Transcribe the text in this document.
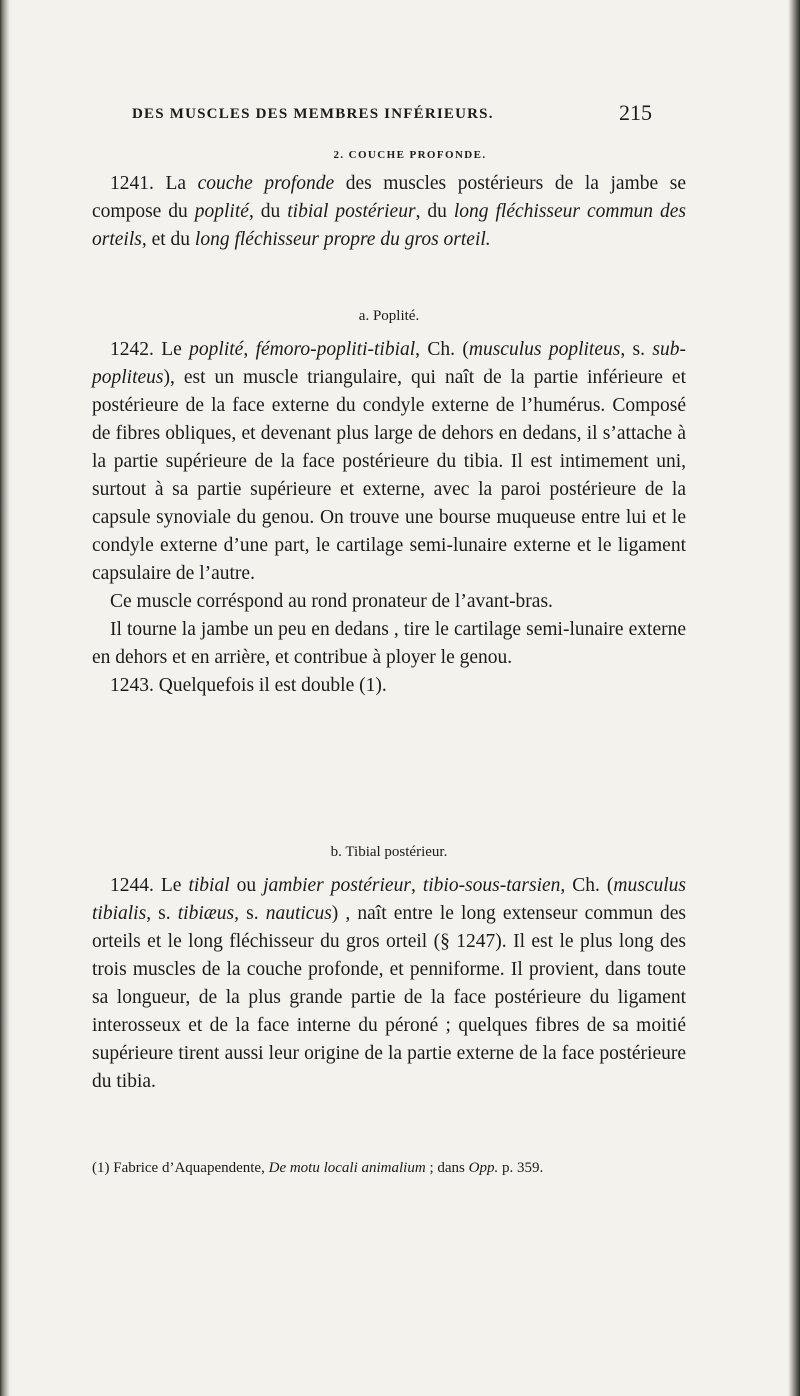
DES MUSCLES DES MEMBRES INFÉRIEURS.	215
2. COUCHE PROFONDE.

1241. La couche profonde des muscles postérieurs de la jambe se compose du poplité, du tibial postérieur, du long fléchisseur commun des orteils, et du long fléchisseur propre du gros orteil.

a. Poplité.

1242. Le poplité, fémoro-popliti-tibial, Ch. (musculus popliteus, s. sub-popliteus), est un muscle triangulaire, qui naît de la partie inférieure et postérieure de la face externe du condyle externe de l’humérus. Composé de fibres obliques, et devenant plus large de dehors en dedans, il s’attache à la partie supérieure de la face postérieure du tibia. Il est intimement uni, surtout à sa partie supérieure et externe, avec la paroi postérieure de la capsule synoviale du genou. On trouve une bourse muqueuse entre lui et le condyle externe d’une part, le cartilage semi-lunaire externe et le ligament capsulaire de l’autre.

Ce muscle corréspond au rond pronateur de l’avant-bras.

Il tourne la jambe un peu en dedans , tire le cartilage semi-lunaire externe en dehors et en arrière, et contribue à ployer le genou.

1243. Quelquefois il est double (1).

b. Tibial postérieur.

1244. Le tibial ou jambier postérieur, tibio-sous-tarsien, Ch. (musculus tibialis, s. tibiæus, s. nauticus) , naît entre le long extenseur commun des orteils et le long fléchisseur du gros orteil (§ 1247). Il est le plus long des trois muscles de la couche profonde, et penniforme. Il provient, dans toute sa longueur, de la plus grande partie de la face postérieure du ligament interosseux et de la face interne du péroné ; quelques fibres de sa moitié supérieure tirent aussi leur origine de la partie externe de la face postérieure du tibia.

(1) Fabrice d’Aquapendente, De motu locali animalium ; dans Opp. p. 359.
